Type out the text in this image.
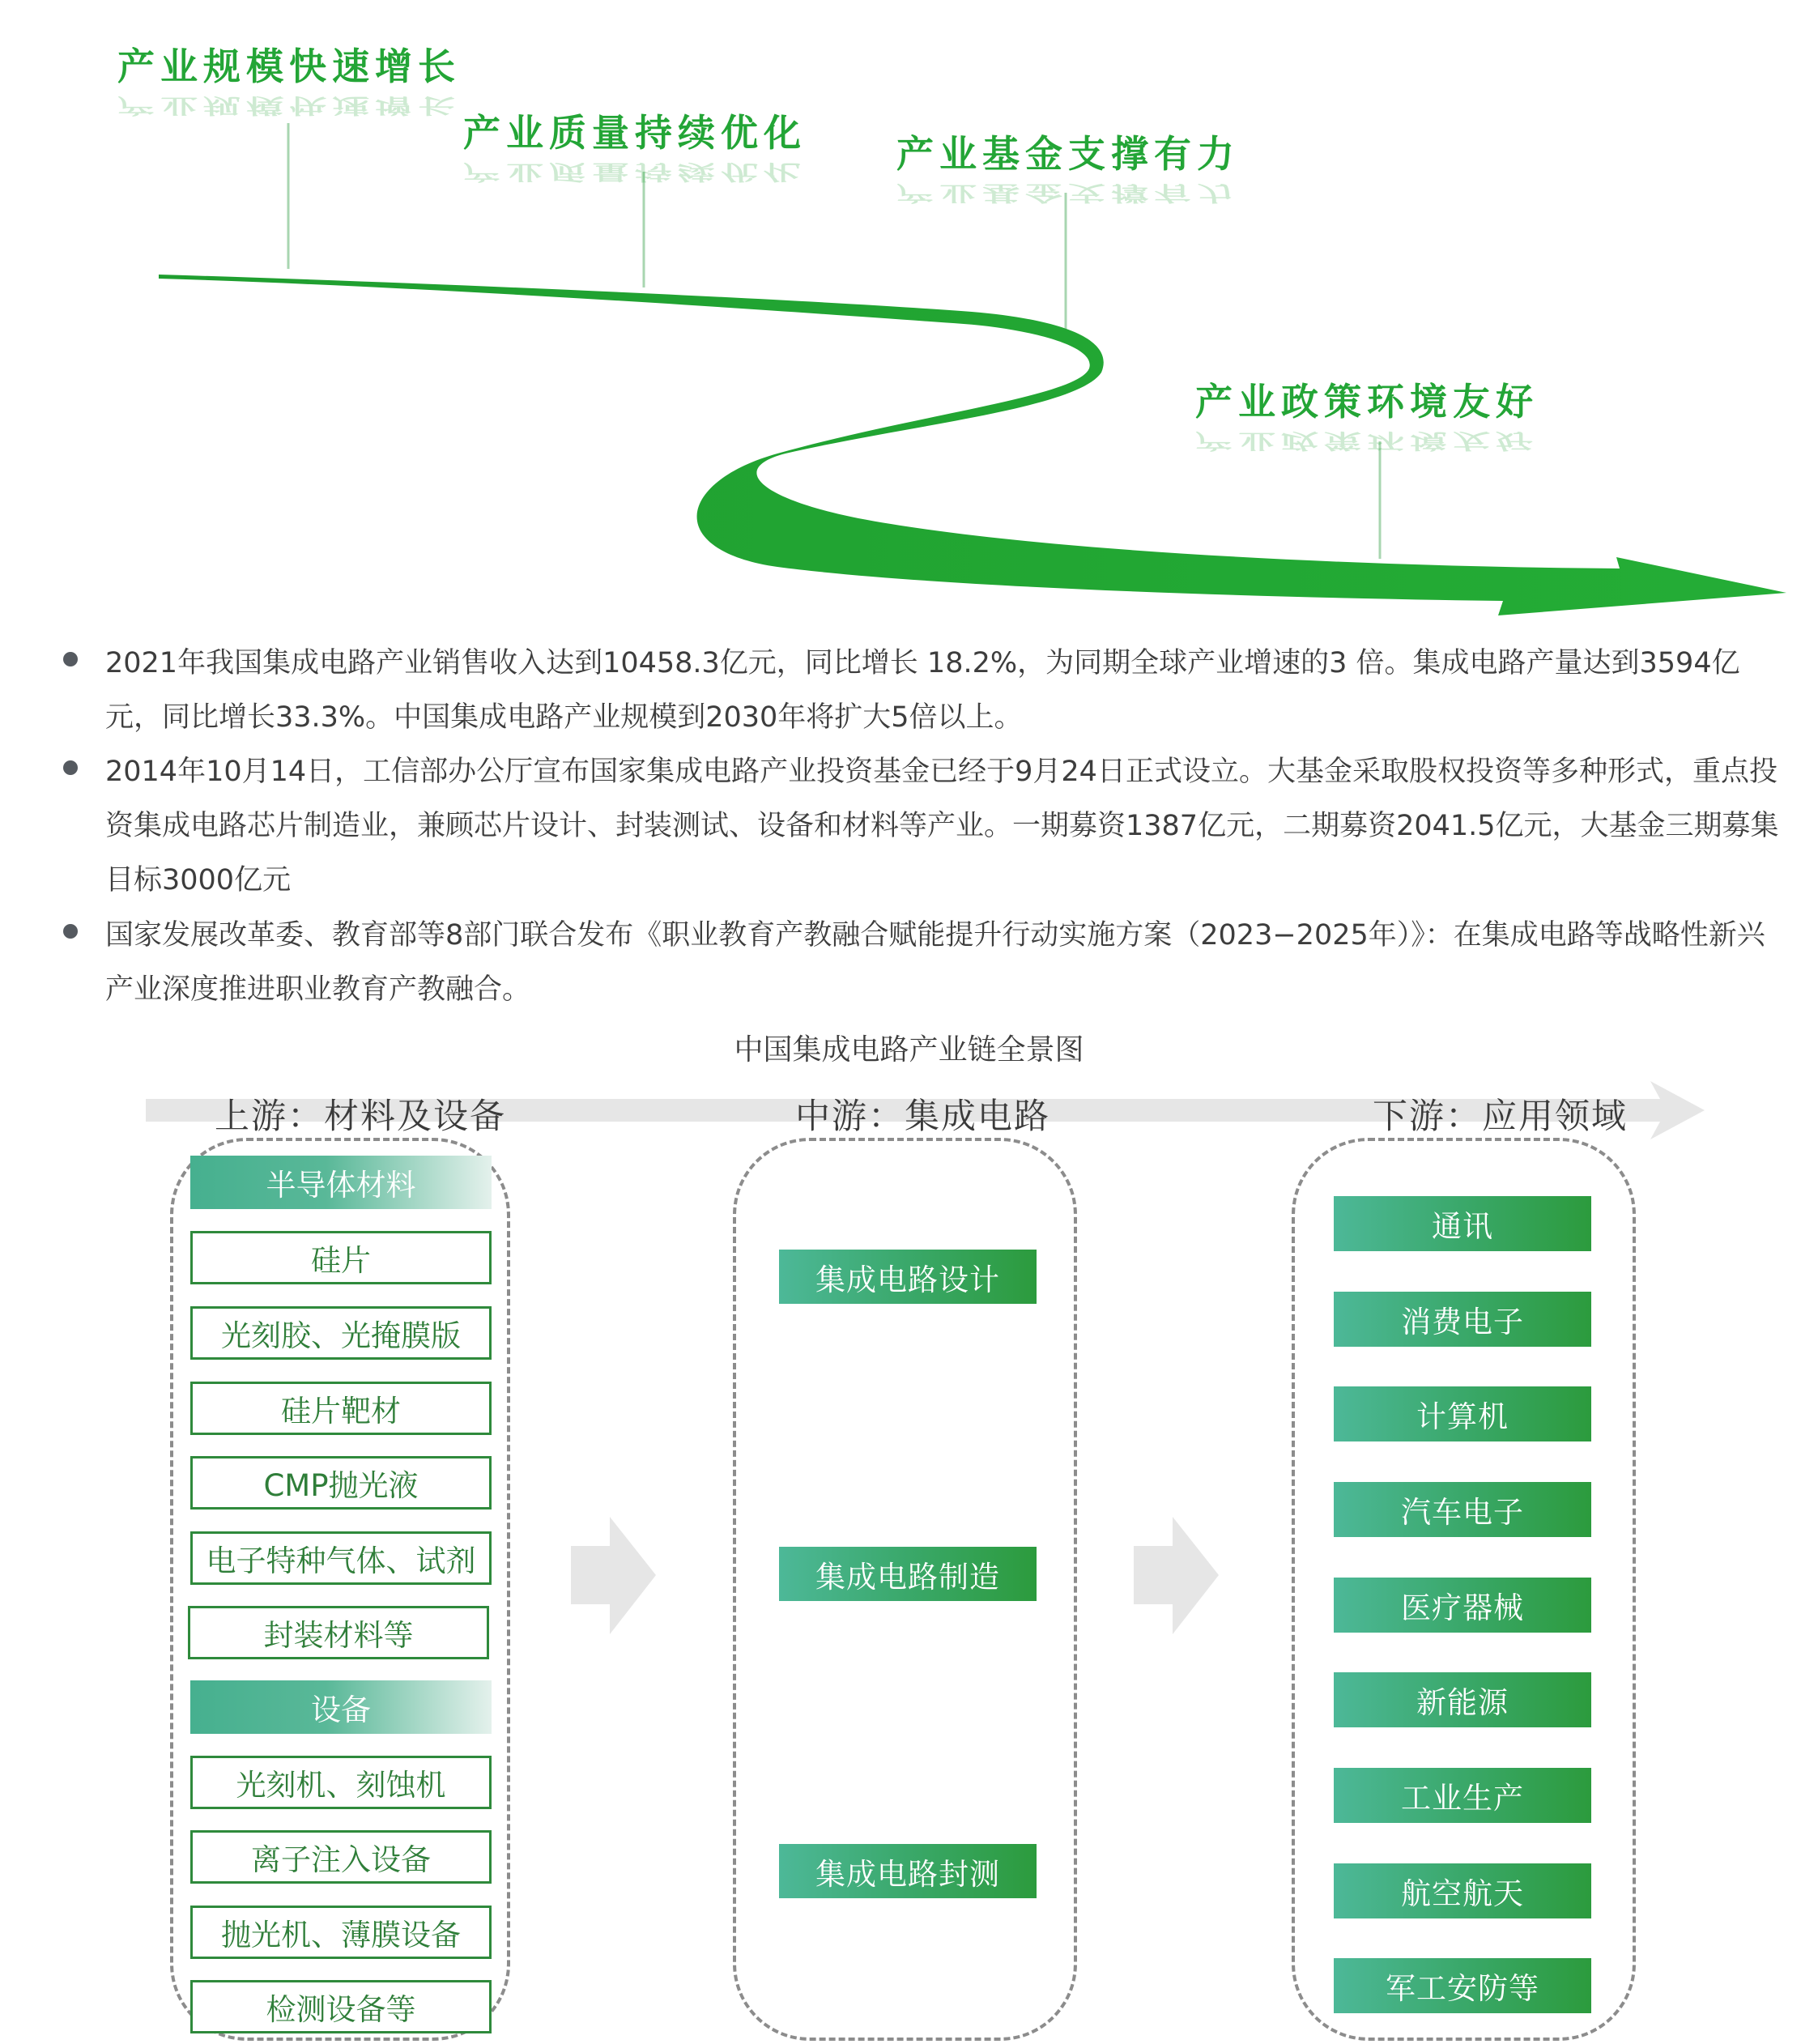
产业规模快速增长
产业规模快速增长
产业质量持续优化
产业质量持续优化 产业基金支撑有力
产业基金支撑有力
产业政策环境友好
产业政策环境友好

2021年我国集成电路产业销售收入达到10458.3亿元，同比增长 18.2%，为同期全球产业增速的3 倍。集成电路产量达到3594亿元，同比增长33.3%。中国集成电路产业规模到2030年将扩大5倍以上。

2014年10月14日，工信部办公厅宣布国家集成电路产业投资基金已经于9月24日正式设立。大基金采取股权投资等多种形式，重点投资集成电路芯片制造业，兼顾芯片设计、封装测试、设备和材料等产业。一期募资1387亿元，二期募资2041.5亿元，大基金三期募集目标3000亿元

国家发展改革委、教育部等8部门联合发布《职业教育产教融合赋能提升行动实施方案（2023−2025年）》：在集成电路等战略性新兴产业深度推进职业教育产教融合。

中国集成电路产业链全景图

上游：材料及设备	中游：集成电路	下游：应用领域
半导体材料
硅片
光刻胶、光掩膜版
硅片靶材
CMP抛光液
电子特种气体、试剂
封装材料等
设备
光刻机、刻蚀机
离子注入设备
抛光机、薄膜设备
检测设备等
集成电路设计
集成电路制造
集成电路封测
通讯
消费电子
计算机
汽车电子
医疗器械
新能源
工业生产
航空航天
军工安防等
